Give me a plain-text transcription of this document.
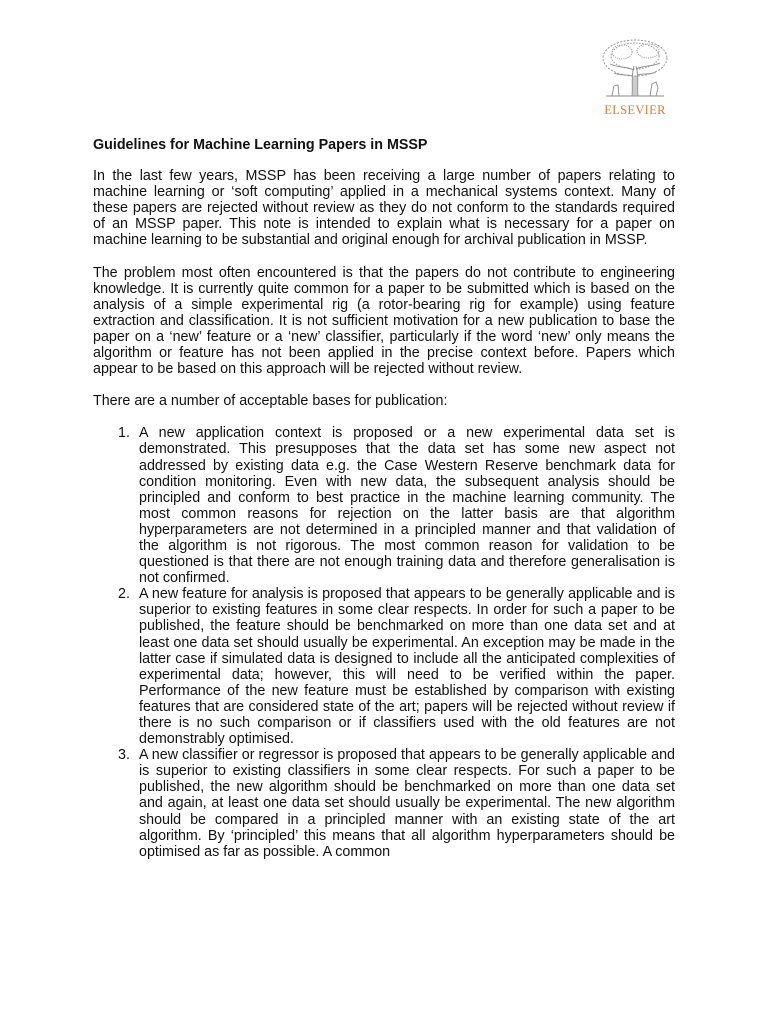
ELSEVIER
Guidelines for Machine Learning Papers in MSSP

In the last few years, MSSP has been receiving a large number of papers relating to machine learning or ‘soft computing’ applied in a mechanical systems context. Many of these papers are rejected without review as they do not conform to the standards required of an MSSP paper. This note is intended to explain what is necessary for a paper on machine learning to be substantial and original enough for archival publication in MSSP.

The problem most often encountered is that the papers do not contribute to engineering knowledge. It is currently quite common for a paper to be submitted which is based on the analysis of a simple experimental rig (a rotor-bearing rig for example) using feature extraction and classification. It is not sufficient motivation for a new publication to base the paper on a ‘new’ feature or a ‘new’ classifier, particularly if the word ‘new’ only means the algorithm or feature has not been applied in the precise context before. Papers which appear to be based on this approach will be rejected without review.

There are a number of acceptable bases for publication:

1. A new application context is proposed or a new experimental data set is demonstrated. This presupposes that the data set has some new aspect not addressed by existing data e.g. the Case Western Reserve benchmark data for condition monitoring. Even with new data, the subsequent analysis should be principled and conform to best practice in the machine learning community. The most common reasons for rejection on the latter basis are that algorithm hyperparameters are not determined in a principled manner and that validation of the algorithm is not rigorous. The most common reason for validation to be questioned is that there are not enough training data and therefore generalisation is not confirmed.
2. A new feature for analysis is proposed that appears to be generally applicable and is superior to existing features in some clear respects. In order for such a paper to be published, the feature should be benchmarked on more than one data set and at least one data set should usually be experimental. An exception may be made in the latter case if simulated data is designed to include all the anticipated complexities of experimental data; however, this will need to be verified within the paper. Performance of the new feature must be established by comparison with existing features that are considered state of the art; papers will be rejected without review if there is no such comparison or if classifiers used with the old features are not demonstrably optimised.
3. A new classifier or regressor is proposed that appears to be generally applicable and is superior to existing classifiers in some clear respects. For such a paper to be published, the new algorithm should be benchmarked on more than one data set and again, at least one data set should usually be experimental. The new algorithm should be compared in a principled manner with an existing state of the art algorithm. By ‘principled’ this means that all algorithm hyperparameters should be optimised as far as possible. A common
